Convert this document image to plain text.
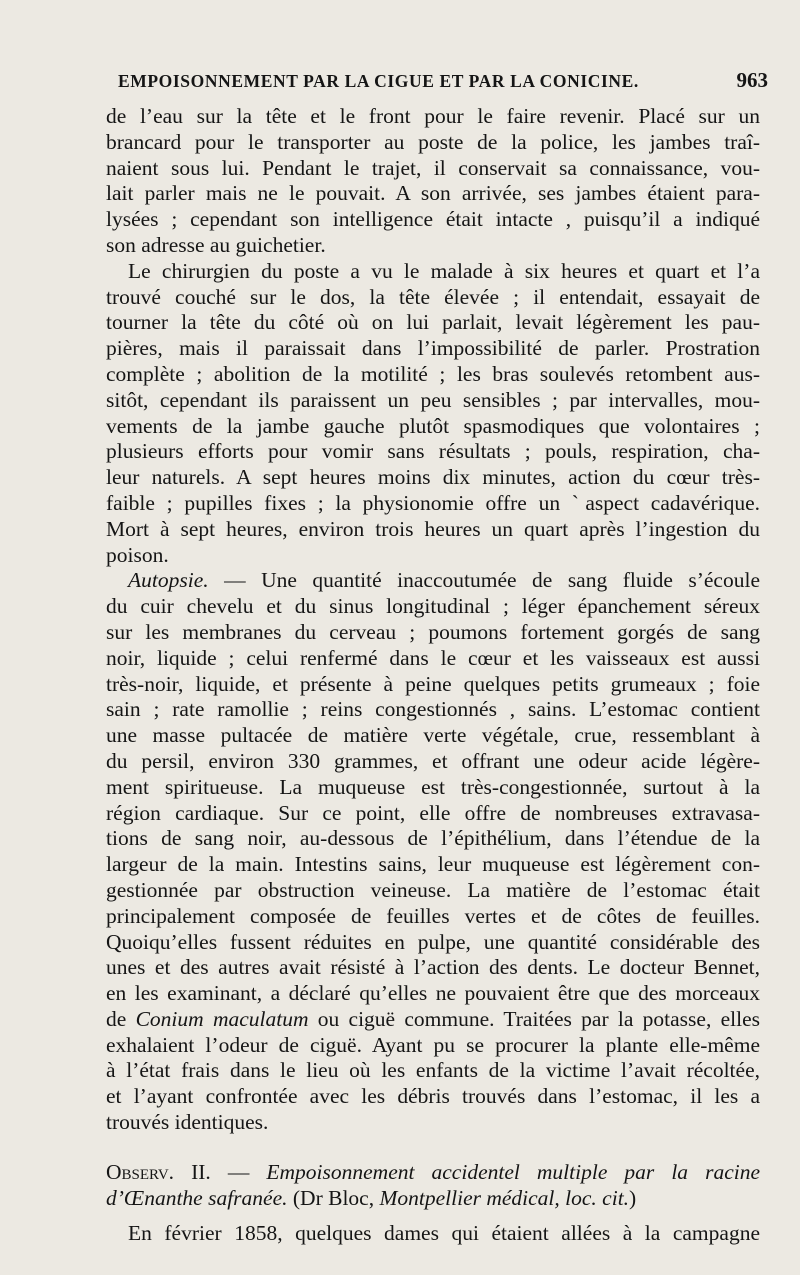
EMPOISONNEMENT PAR LA CIGUE ET PAR LA CONICINE.	963

de l’eau sur la tête et le front pour le faire revenir. Placé sur un

brancard pour le transporter au poste de la police, les jambes traî-

naient sous lui. Pendant le trajet, il conservait sa connaissance, vou-

lait parler mais ne le pouvait. A son arrivée, ses jambes étaient para-

lysées ; cependant son intelligence était intacte , puisqu’il a indiqué

son adresse au guichetier.

Le chirurgien du poste a vu le malade à six heures et quart et l’a

trouvé couché sur le dos, la tête élevée ; il entendait, essayait de

tourner la tête du côté où on lui parlait, levait légèrement les pau-

pières, mais il paraissait dans l’impossibilité de parler. Prostration

complète ; abolition de la motilité ; les bras soulevés retombent aus-

sitôt, cependant ils paraissent un peu sensibles ; par intervalles, mou-

vements de la jambe gauche plutôt spasmodiques que volontaires ;

plusieurs efforts pour vomir sans résultats ; pouls, respiration, cha-

leur naturels. A sept heures moins dix minutes, action du cœur très-

faible ; pupilles fixes ; la physionomie offre un ˋaspect cadavérique.

Mort à sept heures, environ trois heures un quart après l’ingestion du

poison.

Autopsie. — Une quantité inaccoutumée de sang fluide s’écoule

du cuir chevelu et du sinus longitudinal ; léger épanchement séreux

sur les membranes du cerveau ; poumons fortement gorgés de sang

noir, liquide ; celui renfermé dans le cœur et les vaisseaux est aussi

très-noir, liquide, et présente à peine quelques petits grumeaux ; foie

sain ; rate ramollie ; reins congestionnés , sains. L’estomac contient

une masse pultacée de matière verte végétale, crue, ressemblant à

du persil, environ 330 grammes, et offrant une odeur acide légère-

ment spiritueuse. La muqueuse est très-congestionnée, surtout à la

région cardiaque. Sur ce point, elle offre de nombreuses extravasa-

tions de sang noir, au-dessous de l’épithélium, dans l’étendue de la

largeur de la main. Intestins sains, leur muqueuse est légèrement con-

gestionnée par obstruction veineuse. La matière de l’estomac était

principalement composée de feuilles vertes et de côtes de feuilles.

Quoiqu’elles fussent réduites en pulpe, une quantité considérable des

unes et des autres avait résisté à l’action des dents. Le docteur Bennet,

en les examinant, a déclaré qu’elles ne pouvaient être que des morceaux

de Conium maculatum ou ciguë commune. Traitées par la potasse, elles

exhalaient l’odeur de ciguë. Ayant pu se procurer la plante elle-même

à l’état frais dans le lieu où les enfants de la victime l’avait récoltée,

et l’ayant confrontée avec les débris trouvés dans l’estomac, il les a

trouvés identiques.

Observ. II. — Empoisonnement accidentel multiple par la racine

d’Œnanthe safranée. (Dr Bloc, Montpellier médical, loc. cit.)

En février 1858, quelques dames qui étaient allées à la campagne
